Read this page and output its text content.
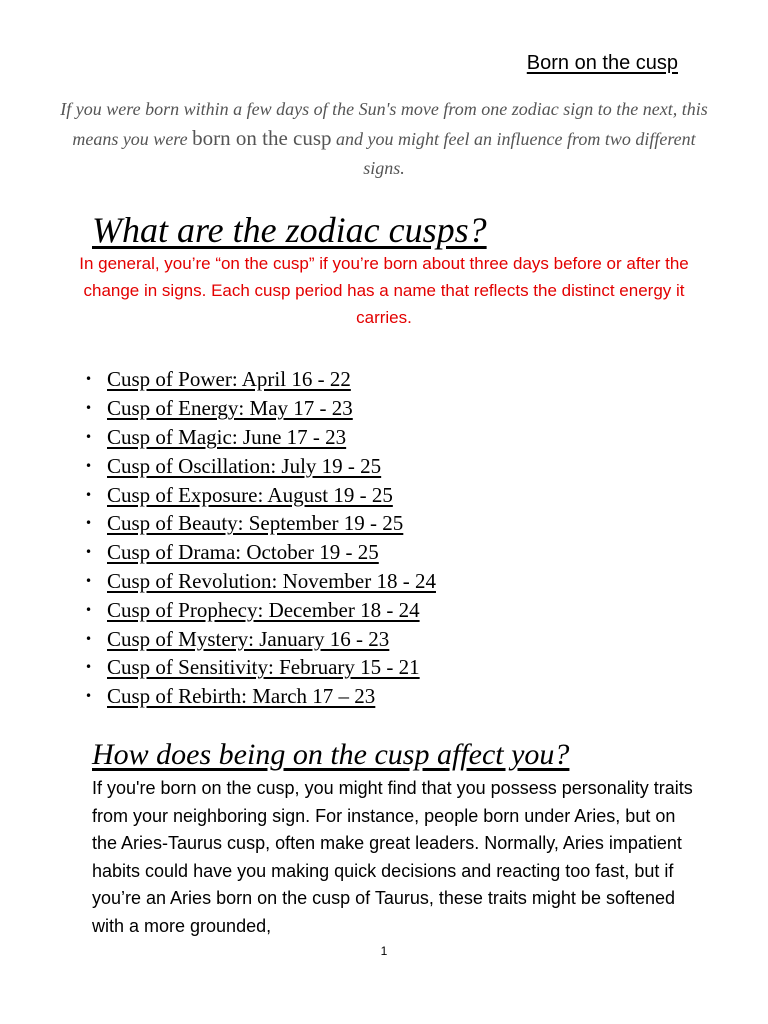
Born on the cusp

If you were born within a few days of the Sun's move from one zodiac sign to the next, this means you were born on the cusp and you might feel an influence from two different signs.

What are the zodiac cusps?

In general, you’re “on the cusp” if you’re born about three days before or after the change in signs. Each cusp period has a name that reflects the distinct energy it carries.

• Cusp of Power: April 16 - 22
• Cusp of Energy: May 17 - 23
• Cusp of Magic: June 17 - 23
• Cusp of Oscillation: July 19 - 25
• Cusp of Exposure: August 19 - 25
• Cusp of Beauty: September 19 - 25
• Cusp of Drama: October 19 - 25
• Cusp of Revolution: November 18 - 24
• Cusp of Prophecy: December 18 - 24
• Cusp of Mystery: January 16 - 23
• Cusp of Sensitivity: February 15 - 21
• Cusp of Rebirth: March 17 – 23
How does being on the cusp affect you?

If you're born on the cusp, you might find that you possess personality traits from your neighboring sign. For instance, people born under Aries, but on the Aries-Taurus cusp, often make great leaders. Normally, Aries impatient habits could have you making quick decisions and reacting too fast, but if you’re an Aries born on the cusp of Taurus, these traits might be softened with a more grounded,

1
